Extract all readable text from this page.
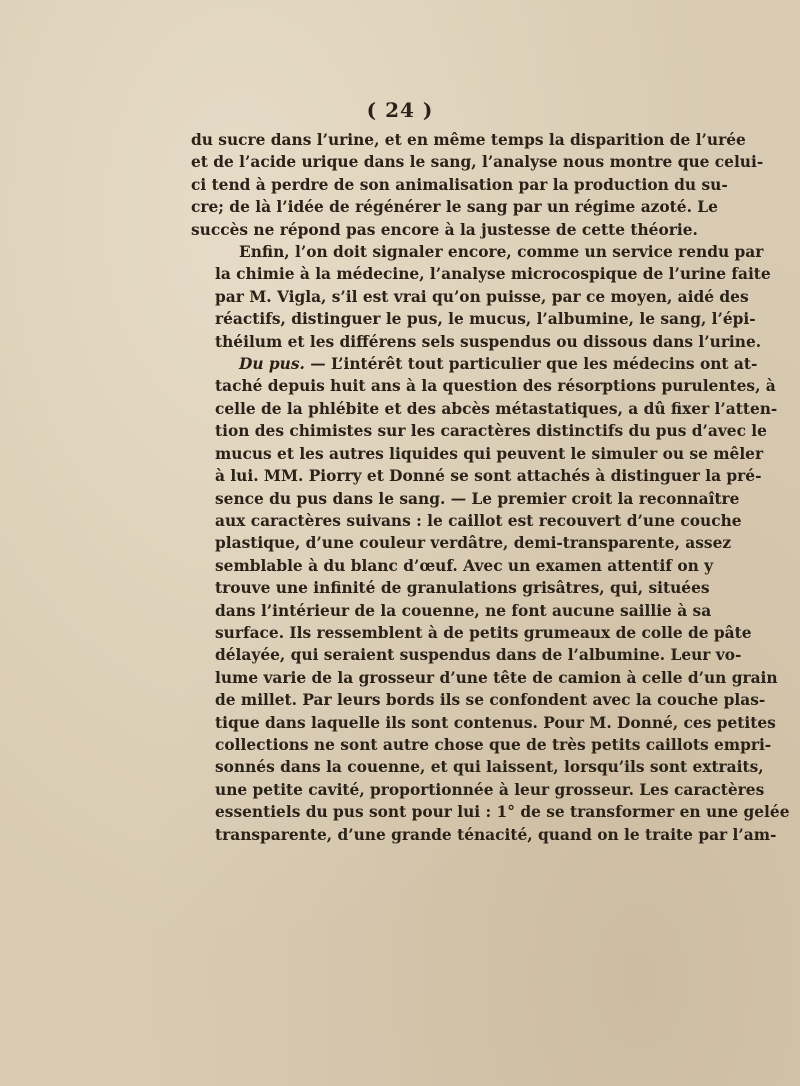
( 24 )
du sucre dans l’urine, et en même temps la disparition de l’urée
et de l’acide urique dans le sang, l’analyse nous montre que celui-
ci tend à perdre de son animalisation par la production du su-
cre; de là l’idée de régénérer le sang par un régime azoté. Le
succès ne répond pas encore à la justesse de cette théorie.
Enfin, l’on doit signaler encore, comme un service rendu par
la chimie à la médecine, l’analyse microcospique de l’urine faite
par M. Vigla, s’il est vrai qu’on puisse, par ce moyen, aidé des
réactifs, distinguer le pus, le mucus, l’albumine, le sang, l’épi-
théilum et les différens sels suspendus ou dissous dans l’urine.
Du pus. — L’intérêt tout particulier que les médecins ont at-
taché depuis huit ans à la question des résorptions purulentes, à
celle de la phlébite et des abcès métastatiques, a dû fixer l’atten-
tion des chimistes sur les caractères distinctifs du pus d’avec le
mucus et les autres liquides qui peuvent le simuler ou se mêler
à lui. MM. Piorry et Donné se sont attachés à distinguer la pré-
sence du pus dans le sang. — Le premier croit la reconnaître
aux caractères suivans : le caillot est recouvert d’une couche
plastique, d’une couleur verdâtre, demi-transparente, assez
semblable à du blanc d’œuf. Avec un examen attentif on y
trouve une infinité de granulations grisâtres, qui, situées
dans l’intérieur de la couenne, ne font aucune saillie à sa
surface. Ils ressemblent à de petits grumeaux de colle de pâte
délayée, qui seraient suspendus dans de l’albumine. Leur vo-
lume varie de la grosseur d’une tête de camion à celle d’un grain
de millet. Par leurs bords ils se confondent avec la couche plas-
tique dans laquelle ils sont contenus. Pour M. Donné, ces petites
collections ne sont autre chose que de très petits caillots empri-
sonnés dans la couenne, et qui laissent, lorsqu’ils sont extraits,
une petite cavité, proportionnée à leur grosseur. Les caractères
essentiels du pus sont pour lui : 1° de se transformer en une gelée
transparente, d’une grande ténacité, quand on le traite par l’am-
